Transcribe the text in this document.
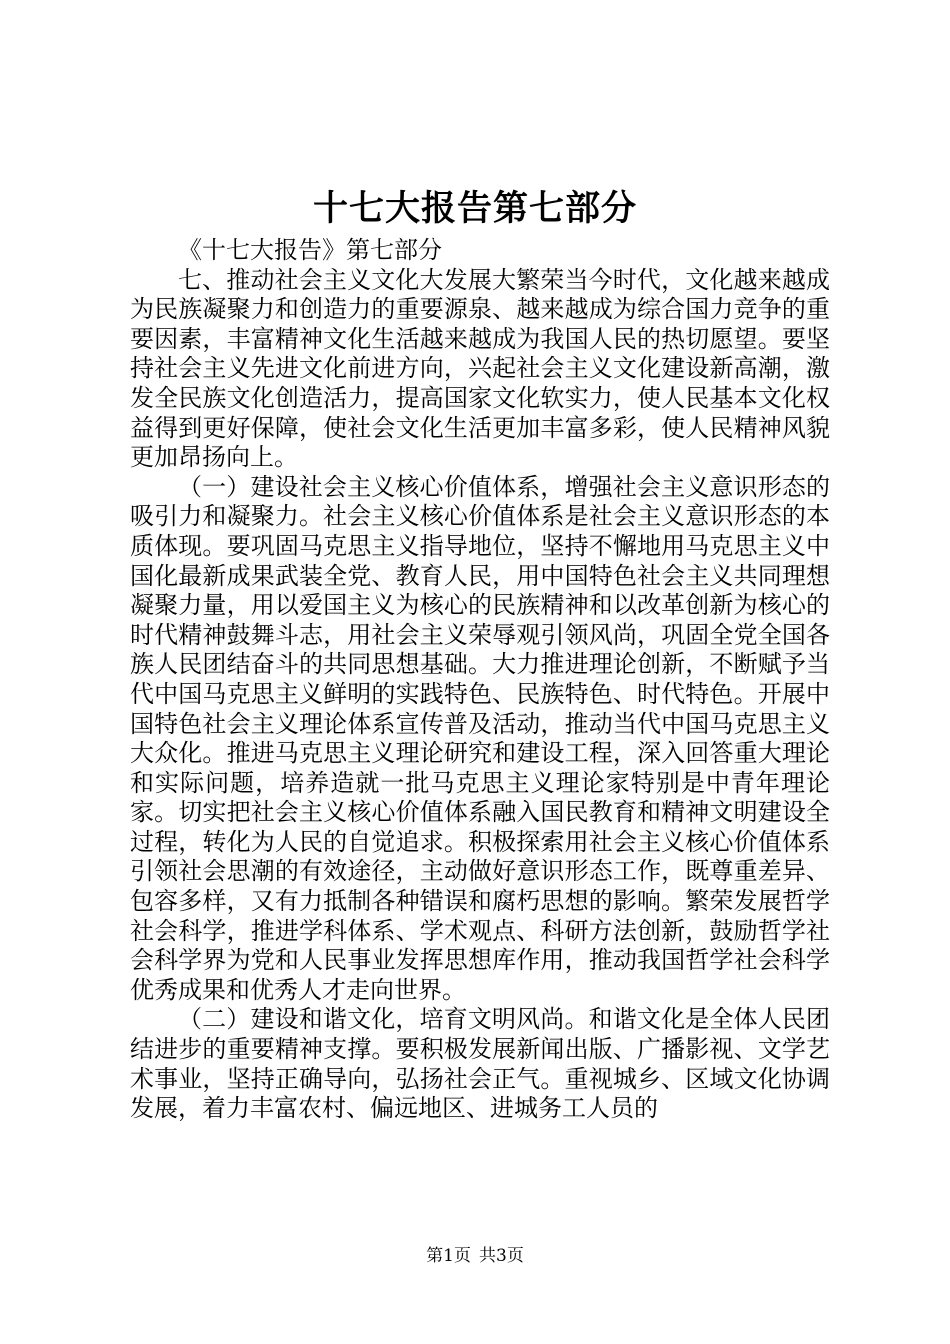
十七大报告第七部分

《十七大报告》第七部分

七、推动社会主义文化大发展大繁荣当今时代，文化越来越成为民族凝聚力和创造力的重要源泉、越来越成为综合国力竞争的重要因素，丰富精神文化生活越来越成为我国人民的热切愿望。要坚持社会主义先进文化前进方向，兴起社会主义文化建设新高潮，激发全民族文化创造活力，提高国家文化软实力，使人民基本文化权益得到更好保障，使社会文化生活更加丰富多彩，使人民精神风貌更加昂扬向上。

（一）建设社会主义核心价值体系，增强社会主义意识形态的吸引力和凝聚力。社会主义核心价值体系是社会主义意识形态的本质体现。要巩固马克思主义指导地位，坚持不懈地用马克思主义中国化最新成果武装全党、教育人民，用中国特色社会主义共同理想凝聚力量，用以爱国主义为核心的民族精神和以改革创新为核心的时代精神鼓舞斗志，用社会主义荣辱观引领风尚，巩固全党全国各族人民团结奋斗的共同思想基础。大力推进理论创新，不断赋予当代中国马克思主义鲜明的实践特色、民族特色、时代特色。开展中国特色社会主义理论体系宣传普及活动，推动当代中国马克思主义大众化。推进马克思主义理论研究和建设工程，深入回答重大理论和实际问题，培养造就一批马克思主义理论家特别是中青年理论家。切实把社会主义核心价值体系融入国民教育和精神文明建设全过程，转化为人民的自觉追求。积极探索用社会主义核心价值体系引领社会思潮的有效途径，主动做好意识形态工作，既尊重差异、包容多样，又有力抵制各种错误和腐朽思想的影响。繁荣发展哲学社会科学，推进学科体系、学术观点、科研方法创新，鼓励哲学社会科学界为党和人民事业发挥思想库作用，推动我国哲学社会科学优秀成果和优秀人才走向世界。

（二）建设和谐文化，培育文明风尚。和谐文化是全体人民团结进步的重要精神支撑。要积极发展新闻出版、广播影视、文学艺术事业，坚持正确导向，弘扬社会正气。重视城乡、区域文化协调发展，着力丰富农村、偏远地区、进城务工人员的

第1页 共3页
